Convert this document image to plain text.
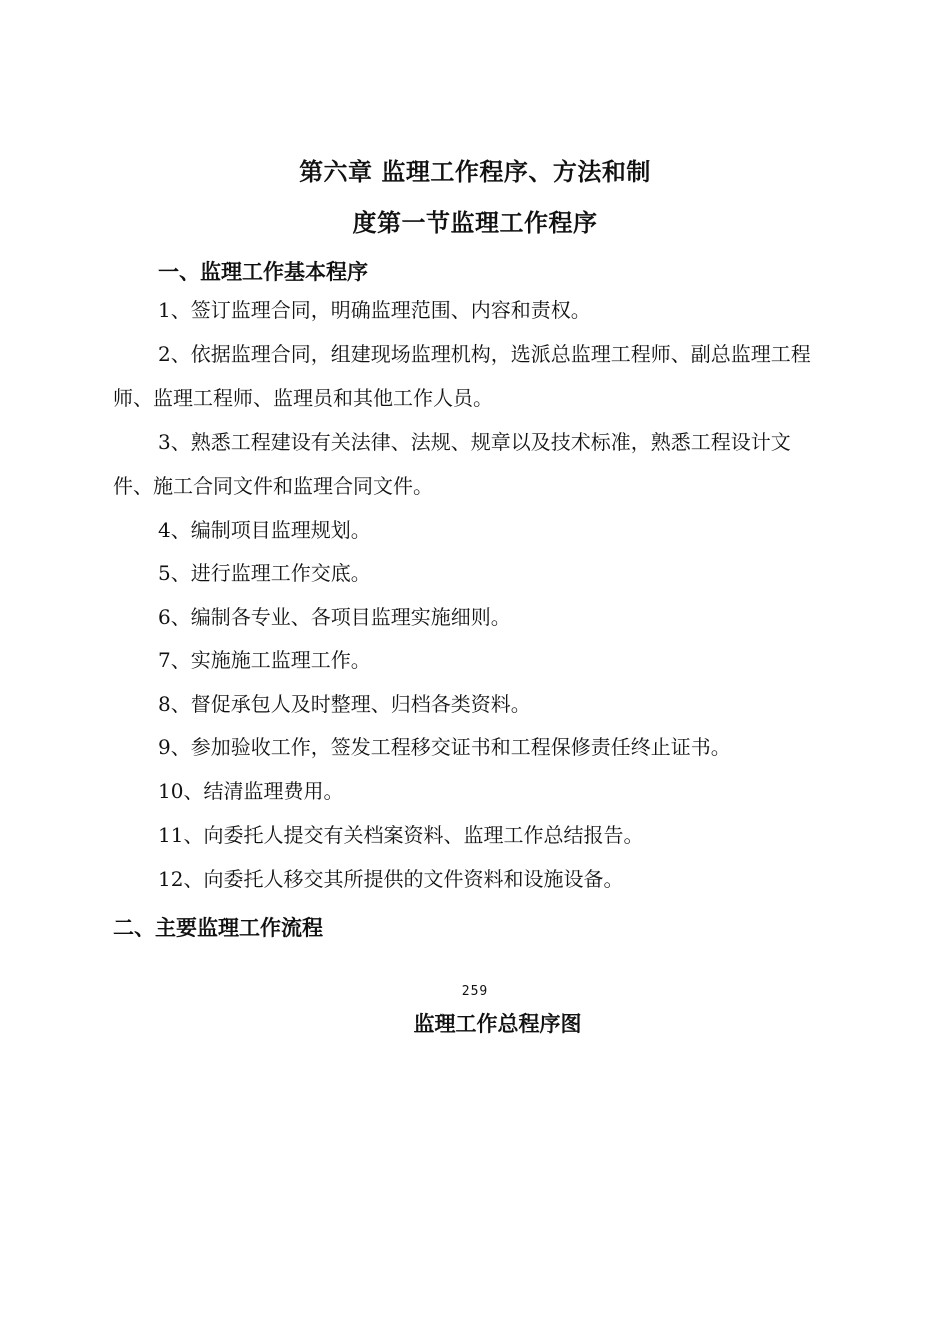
第六章 监理工作程序、方法和制
度第一节监理工作程序
一、监理工作基本程序

1、签订监理合同，明确监理范围、内容和责权。

2、依据监理合同，组建现场监理机构，选派总监理工程师、副总监理工程师、监理工程师、监理员和其他工作人员。

3、熟悉工程建设有关法律、法规、规章以及技术标准，熟悉工程设计文件、施工合同文件和监理合同文件。

4、编制项目监理规划。

5、进行监理工作交底。

6、编制各专业、各项目监理实施细则。

7、实施施工监理工作。

8、督促承包人及时整理、归档各类资料。

9、参加验收工作，签发工程移交证书和工程保修责任终止证书。

10、结清监理费用。

11、向委托人提交有关档案资料、监理工作总结报告。

12、向委托人移交其所提供的文件资料和设施设备。

二、主要监理工作流程
259
监理工作总程序图
